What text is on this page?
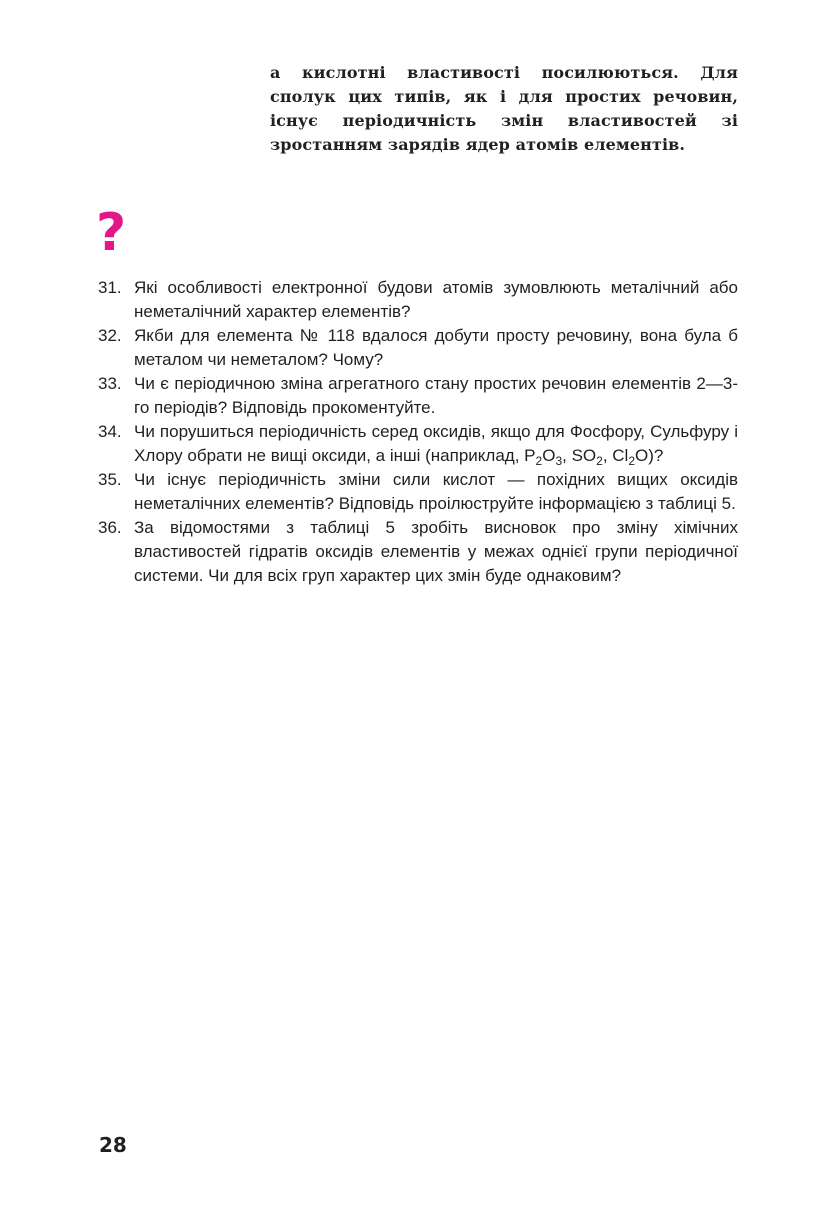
а кислотні властивості посилюються. Для сполук цих типів, як і для простих речовин, існує періодичність змін властивостей зі зростанням зарядів ядер атомів елементів.
?
31. Які особливості електронної будови атомів зумовлюють металічний або неметалічний характер елементів?
32. Якби для елемента № 118 вдалося добути просту речовину, вона була б металом чи неметалом? Чому?
33. Чи є періодичною зміна агрегатного стану простих речовин елементів 2—3-го періодів? Відповідь прокоментуйте.
34. Чи порушиться періодичність серед оксидів, якщо для Фосфору, Сульфуру і Хлору обрати не вищі оксиди, а інші (наприклад, $P_2O_3$, $SO_2$, $Cl_2O$)?
35. Чи існує періодичність зміни сили кислот — похідних вищих оксидів неметалічних елементів? Відповідь проілюструйте інформацією з таблиці 5.
36. За відомостями з таблиці 5 зробіть висновок про зміну хімічних властивостей гідратів оксидів елементів у межах однієї групи періодичної системи. Чи для всіх груп характер цих змін буде однаковим?
28
